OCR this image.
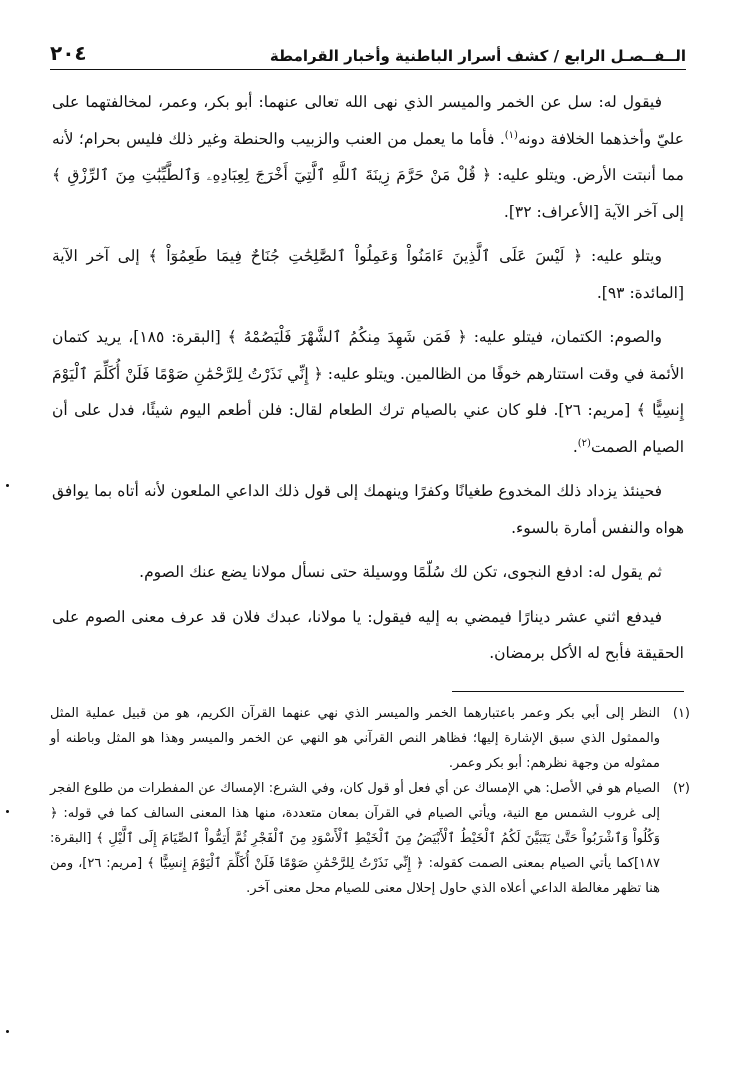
الــفــصـل الرابع / كشف أسرار الباطنية وأخبار القرامطة
٢٠٤

فيقول له: سل عن الخمر والميسر الذي نهى الله تعالى عنهما: أبو بكر، وعمر، لمخالفتهما على عليّ وأخذهما الخلافة دونه$^{(١)}$. فأما ما يعمل من العنب والزبيب والحنطة وغير ذلك فليس بحرام؛ لأنه مما أنبتت الأرض. ويتلو عليه: ﴿ قُلْ مَنْ حَرَّمَ زِينَةَ ٱللَّهِ ٱلَّتِيٓ أَخْرَجَ لِعِبَادِهِۦ وَٱلطَّيِّبَٰتِ مِنَ ٱلرِّزْقِ ﴾ إلى آخر الآية [الأعراف: ٣٢].

ويتلو عليه: ﴿ لَيْسَ عَلَى ٱلَّذِينَ ءَامَنُواْ وَعَمِلُواْ ٱلصَّٰلِحَٰتِ جُنَاحٌ فِيمَا طَعِمُوٓاْ ﴾ إلى آخر الآية [المائدة: ٩٣].

والصوم: الكتمان، فيتلو عليه: ﴿ فَمَن شَهِدَ مِنكُمُ ٱلشَّهْرَ فَلْيَصُمْهُ ﴾ [البقرة: ١٨٥]، يريد كتمان الأئمة في وقت استتارهم خوفًا من الظالمين. ويتلو عليه: ﴿ إِنِّي نَذَرْتُ لِلرَّحْمَٰنِ صَوْمًا فَلَنْ أُكَلِّمَ ٱلْيَوْمَ إِنسِيًّا ﴾ [مريم: ٢٦]. فلو كان عني بالصيام ترك الطعام لقال: فلن أطعم اليوم شيئًا، فدل على أن الصيام الصمت$^{(٢)}$.

فحينئذ يزداد ذلك المخدوع طغيانًا وكفرًا وينهمك إلى قول ذلك الداعي الملعون لأنه أتاه بما يوافق هواه والنفس أمارة بالسوء.

ثم يقول له: ادفع النجوى، تكن لك سُلّمًا ووسيلة حتى نسأل مولانا يضع عنك الصوم.

فيدفع اثني عشر دينارًا فيمضي به إليه فيقول: يا مولانا، عبدك فلان قد عرف معنى الصوم على الحقيقة فأبح له الأكل برمضان.

(١)
النظر إلى أبي بكر وعمر باعتبارهما الخمر والميسر الذي نهي عنهما القرآن الكريم، هو من قبيل عملية المثل والممثول الذي سبق الإشارة إليها؛ فظاهر النص القرآني هو النهي عن الخمر والميسر وهذا هو المثل وباطنه أو ممثوله من وجهة نظرهم: أبو بكر وعمر.
(٢)
الصيام هو في الأصل: هي الإمساك عن أي فعل أو قول كان، وفي الشرع: الإمساك عن المفطرات من طلوع الفجر إلى غروب الشمس مع النية، ويأتي الصيام في القرآن بمعان متعددة، منها هذا المعنى السالف كما في قوله: ﴿ وَكُلُواْ وَٱشْرَبُواْ حَتَّىٰ يَتَبَيَّنَ لَكُمُ ٱلْخَيْطُ ٱلْأَبْيَضُ مِنَ ٱلْخَيْطِ ٱلْأَسْوَدِ مِنَ ٱلْفَجْرِ ثُمَّ أَتِمُّواْ ٱلصِّيَامَ إِلَى ٱلَّيْلِ ﴾ [البقرة: ١٨٧]كما يأتي الصيام بمعنى الصمت كقوله: ﴿ إِنِّي نَذَرْتُ لِلرَّحْمَٰنِ صَوْمًا فَلَنْ أُكَلِّمَ ٱلْيَوْمَ إِنسِيًّا ﴾ [مريم: ٢٦]، ومن هنا تظهر مغالطة الداعي أعلاه الذي حاول إحلال معنى للصيام محل معنى آخر.
